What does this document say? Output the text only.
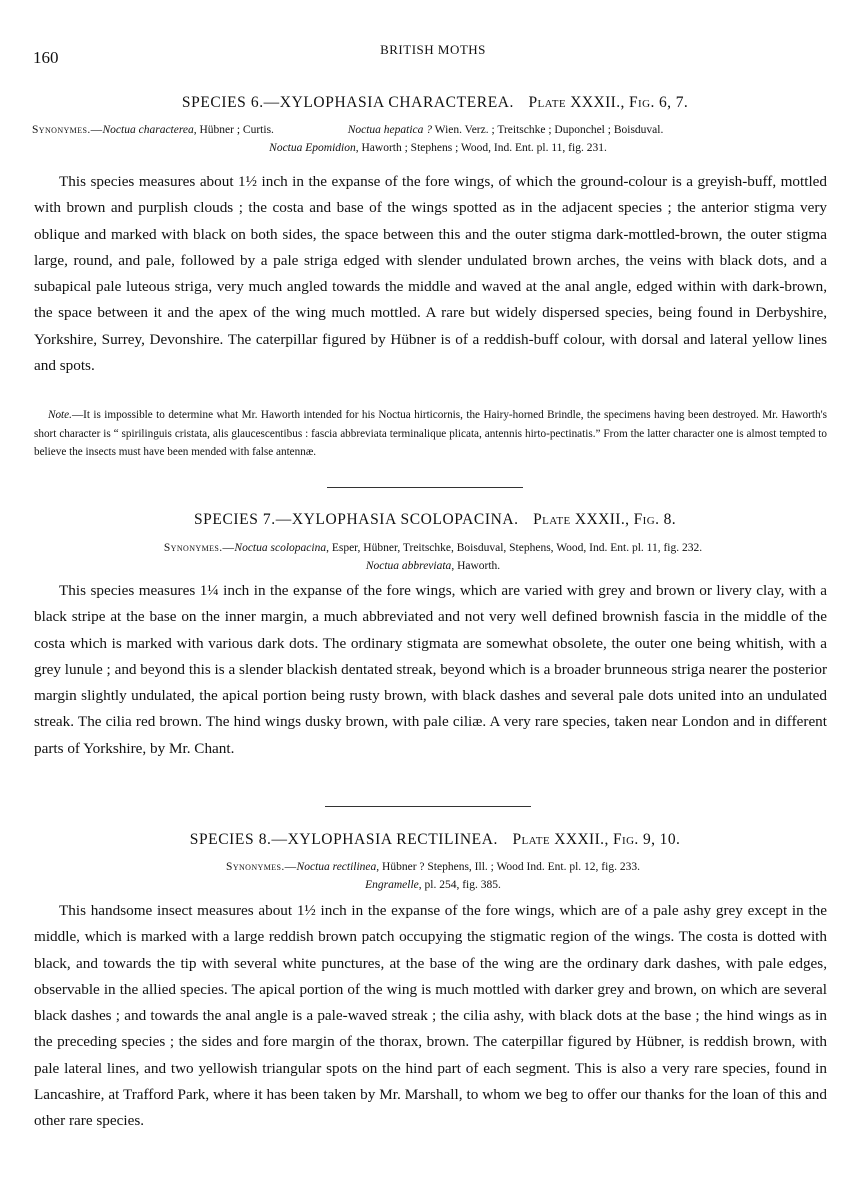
160	BRITISH MOTHS
SPECIES 6.—XYLOPHASIA CHARACTEREA. Plate XXXII., Fig. 6, 7.
Synonymes.—Noctua characterea, Hübner ; Curtis.	Noctua hepatica ? Wien. Verz. ; Treitschke ; Duponchel ; Boisduval.
Noctua Epomidion, Haworth ; Stephens ; Wood, Ind. Ent. pl. 11, fig. 231.

This species measures about 1½ inch in the expanse of the fore wings, of which the ground-colour is a greyish-buff, mottled with brown and purplish clouds ; the costa and base of the wings spotted as in the adjacent species ; the anterior stigma very oblique and marked with black on both sides, the space between this and the outer stigma dark-mottled-brown, the outer stigma large, round, and pale, followed by a pale striga edged with slender undulated brown arches, the veins with black dots, and a subapical pale luteous striga, very much angled towards the middle and waved at the anal angle, edged within with dark-brown, the space between it and the apex of the wing much mottled. A rare but widely dispersed species, being found in Derbyshire, Yorkshire, Surrey, Devonshire. The caterpillar figured by Hübner is of a reddish-buff colour, with dorsal and lateral yellow lines and spots.

Note.—It is impossible to determine what Mr. Haworth intended for his Noctua hirticornis, the Hairy-horned Brindle, the specimens having been destroyed. Mr. Haworth's short character is “ spirilinguis cristata, alis glaucescentibus : fascia abbreviata terminalique plicata, antennis hirto-pectinatis.” From the latter character one is almost tempted to believe the insects must have been mended with false antennæ.

SPECIES 7.—XYLOPHASIA SCOLOPACINA. Plate XXXII., Fig. 8.
Synonymes.—Noctua scolopacina, Esper, Hübner, Treitschke, Boisduval, Stephens, Wood, Ind. Ent. pl. 11, fig. 232.
Noctua abbreviata, Haworth.

This species measures 1¼ inch in the expanse of the fore wings, which are varied with grey and brown or livery clay, with a black stripe at the base on the inner margin, a much abbreviated and not very well defined brownish fascia in the middle of the costa which is marked with various dark dots. The ordinary stigmata are somewhat obsolete, the outer one being whitish, with a grey lunule ; and beyond this is a slender blackish dentated streak, beyond which is a broader brunneous striga nearer the posterior margin slightly undulated, the apical portion being rusty brown, with black dashes and several pale dots united into an undulated streak. The cilia red brown. The hind wings dusky brown, with pale ciliæ. A very rare species, taken near London and in different parts of Yorkshire, by Mr. Chant.

SPECIES 8.—XYLOPHASIA RECTILINEA. Plate XXXII., Fig. 9, 10.
Synonymes.—Noctua rectilinea, Hübner ? Stephens, Ill. ; Wood Ind. Ent. pl. 12, fig. 233.
Engramelle, pl. 254, fig. 385.

This handsome insect measures about 1½ inch in the expanse of the fore wings, which are of a pale ashy grey except in the middle, which is marked with a large reddish brown patch occupying the stigmatic region of the wings. The costa is dotted with black, and towards the tip with several white punctures, at the base of the wing are the ordinary dark dashes, with pale edges, observable in the allied species. The apical portion of the wing is much mottled with darker grey and brown, on which are several black dashes ; and towards the anal angle is a pale-waved streak ; the cilia ashy, with black dots at the base ; the hind wings as in the preceding species ; the sides and fore margin of the thorax, brown. The caterpillar figured by Hübner, is reddish brown, with pale lateral lines, and two yellowish triangular spots on the hind part of each segment. This is also a very rare species, found in Lancashire, at Trafford Park, where it has been taken by Mr. Marshall, to whom we beg to offer our thanks for the loan of this and other rare species.
